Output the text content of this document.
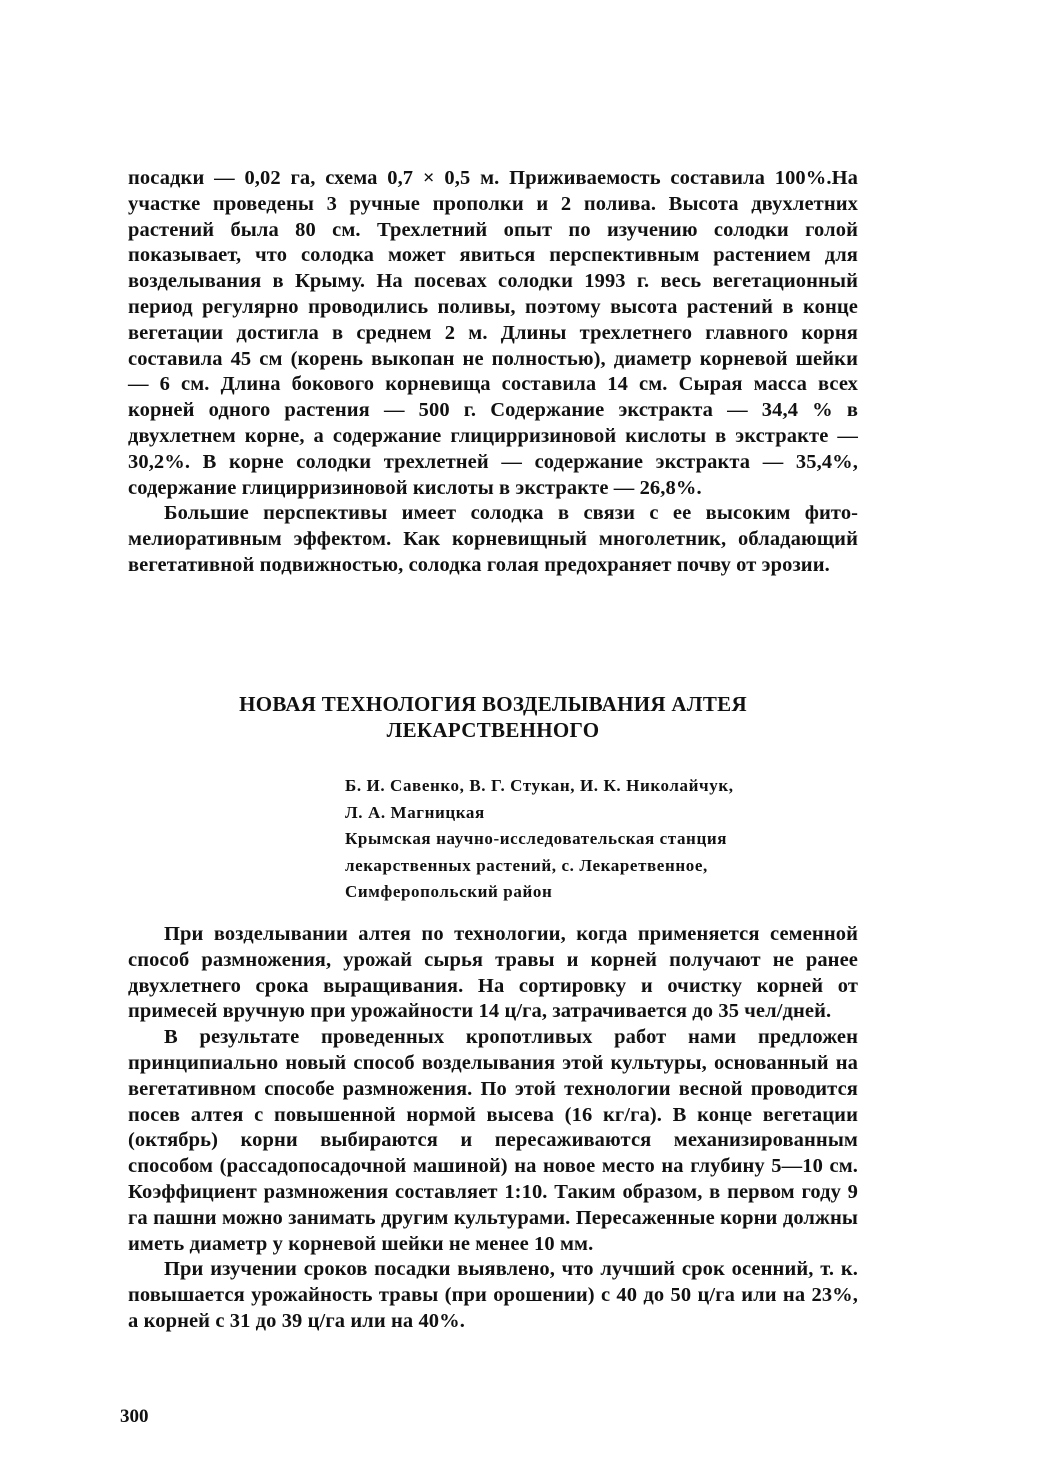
посадки — 0,02 га, схема 0,7 × 0,5 м. Приживаемость составила 100%.На участке проведены 3 ручные прополки и 2 полива. Высота двухлетних растений была 80 см. Трехлетний опыт по изучению солодки голой показывает, что солодка может явиться перспективным растением для возделывания в Крыму. На посевах солодки 1993 г. весь вегетационный период регулярно проводились поливы, поэтому высота растений в конце вегетации достигла в среднем 2 м. Длины трехлетнего главного корня составила 45 см (корень выкопан не полностью), диаметр корневой шейки — 6 см. Длина бокового корневища составила 14 см. Сырая масса всех корней одного растения — 500 г. Содержание экстракта — 34,4 % в двухлетнем корне, а содержание глицирризиновой кислоты в экстракте — 30,2%. В корне солодки трехлетней — содержание экстракта — 35,4%, содержание глицирризиновой кислоты в экстракте — 26,8%.

Большие перспективы имеет солодка в связи с ее высоким фитомелиоративным эффектом. Как корневищный многолетник, обладающий вегетативной подвижностью, солодка голая предохраняет почву от эрозии.

НОВАЯ ТЕХНОЛОГИЯ ВОЗДЕЛЫВАНИЯ АЛТЕЯ
ЛЕКАРСТВЕННОГО
Б. И. Савенко, В. Г. Стукан, И. К. Николайчук,
Л. А. Магницкая
Крымская научно-исследовательская станция
лекарственных растений, с. Лекаретвенное,
Симферопольский район

При возделывании алтея по технологии, когда применяется семенной способ размножения, урожай сырья травы и корней получают не ранее двухлетнего срока выращивания. На сортировку и очистку корней от примесей вручную при урожайности 14 ц/га, затрачивается до 35 чел/дней.

В результате проведенных кропотливых работ нами предложен принципиально новый способ возделывания этой культуры, основанный на вегетативном способе размножения. По этой технологии весной проводится посев алтея с повышенной нормой высева (16 кг/га). В конце вегетации (октябрь) корни выбираются и пересаживаются механизированным способом (рассадопосадочной машиной) на новое место на глубину 5—10 см. Коэффициент размножения составляет 1:10. Таким образом, в первом году 9 га пашни можно занимать другим культурами. Пересаженные корни должны иметь диаметр у корневой шейки не менее 10 мм.

При изучении сроков посадки выявлено, что лучший срок осенний, т. к. повышается урожайность травы (при орошении) с 40 до 50 ц/га или на 23%, а корней с 31 до 39 ц/га или на 40%.

300
